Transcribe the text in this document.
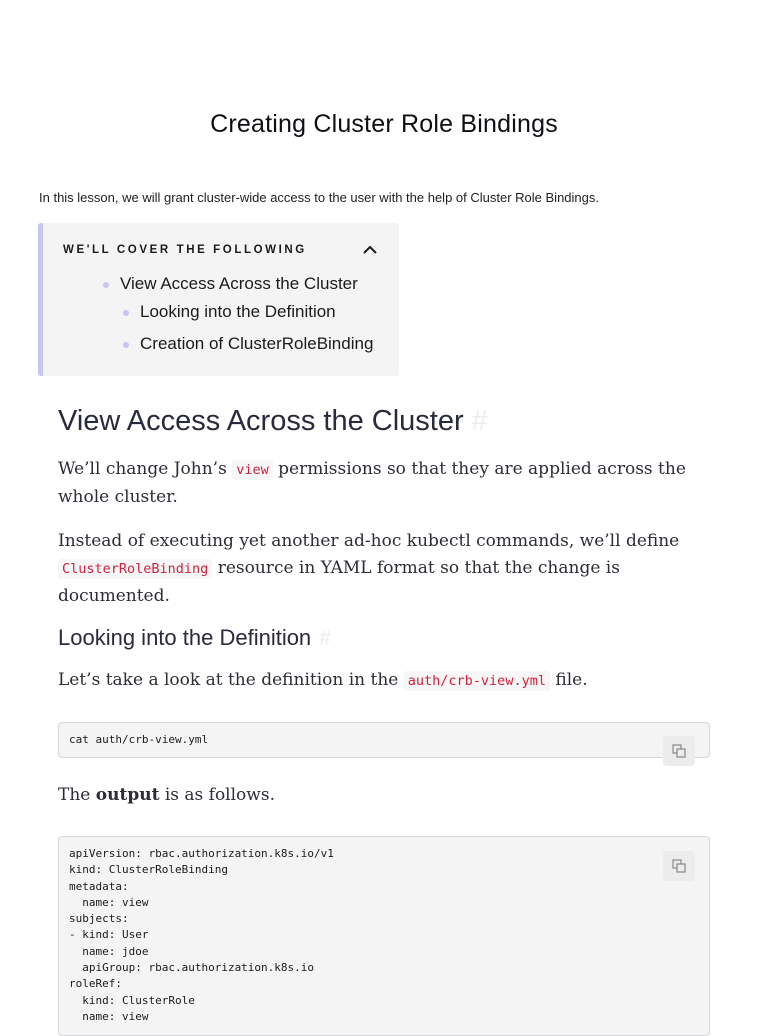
Creating Cluster Role Bindings
In this lesson, we will grant cluster-wide access to the user with the help of Cluster Role Bindings.
WE'LL COVER THE FOLLOWING
View Access Across the Cluster
Looking into the Definition
Creation of ClusterRoleBinding
View Access Across the Cluster #
We’ll change John’s view permissions so that they are applied across the whole cluster.
Instead of executing yet another ad-hoc kubectl commands, we’ll define ClusterRoleBinding resource in YAML format so that the change is documented.
Looking into the Definition #
Let’s take a look at the definition in the auth/crb-view.yml file.
cat auth/crb-view.yml
The output is as follows.
apiVersion: rbac.authorization.k8s.io/v1
kind: ClusterRoleBinding
metadata:
name: view
subjects:
- kind: User
name: jdoe
apiGroup: rbac.authorization.k8s.io
roleRef:
kind: ClusterRole
name: view
